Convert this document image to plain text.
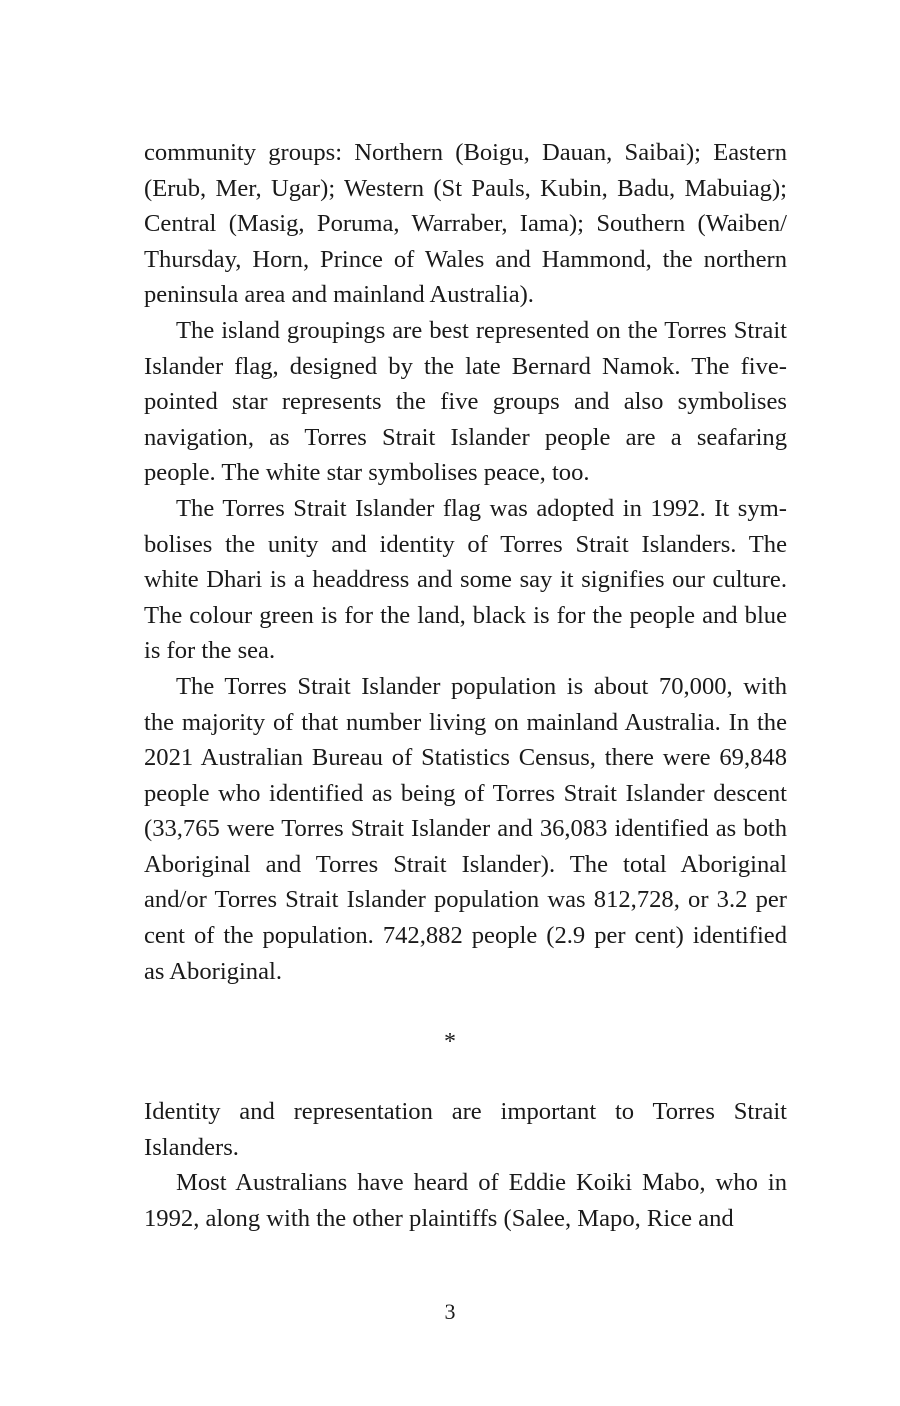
community groups: Northern (Boigu, Dauan, Saibai); Eastern (Erub, Mer, Ugar); Western (St Pauls, Kubin, Badu, Mabuiag); Central (Masig, Poruma, Warraber, Iama); Southern (Waiben/ Thursday, Horn, Prince of Wales and Hammond, the northern peninsula area and mainland Australia).

The island groupings are best represented on the Torres Strait Islander flag, designed by the late Bernard Namok. The five-pointed star represents the five groups and also symbolises navigation, as Torres Strait Islander people are a seafaring people. The white star symbolises peace, too.

The Torres Strait Islander flag was adopted in 1992. It symbolises the unity and identity of Torres Strait Islanders. The white Dhari is a headdress and some say it signifies our culture. The colour green is for the land, black is for the people and blue is for the sea.

The Torres Strait Islander population is about 70,000, with the majority of that number living on mainland Australia. In the 2021 Australian Bureau of Statistics Census, there were 69,848 people who identified as being of Torres Strait Islander descent (33,765 were Torres Strait Islander and 36,083 identified as both Aboriginal and Torres Strait Islander). The total Aboriginal and/or Torres Strait Islander population was 812,728, or 3.2 per cent of the population. 742,882 people (2.9 per cent) identified as Aboriginal.

*

Identity and representation are important to Torres Strait Islanders.

Most Australians have heard of Eddie Koiki Mabo, who in 1992, along with the other plaintiffs (Salee, Mapo, Rice and

3
